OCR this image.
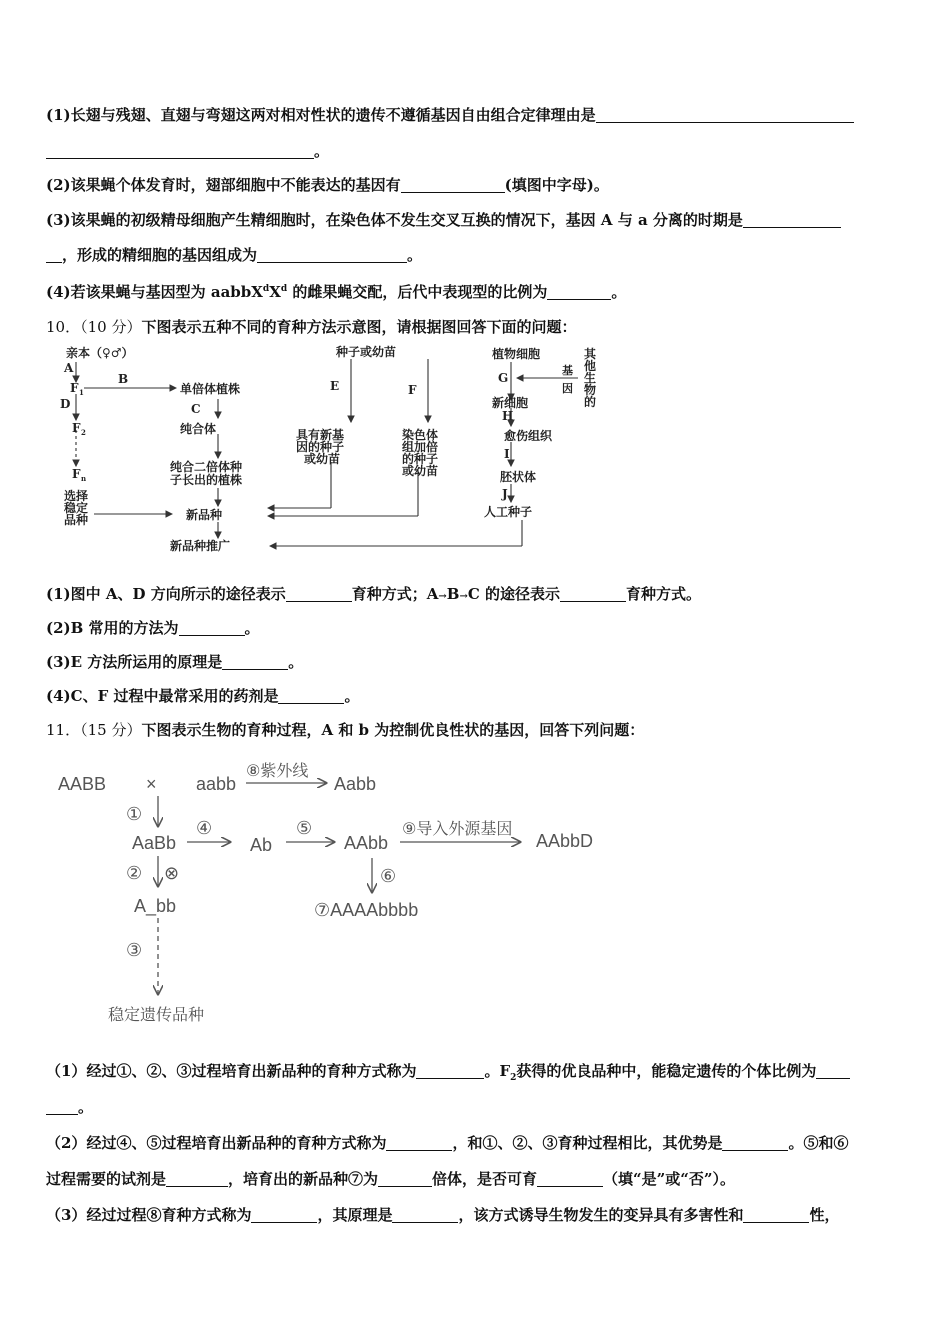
(1)长翅与残翅、直翅与弯翅这两对相对性状的遗传不遵循基因自由组合定律理由是
。
(2)该果蝇个体发育时，翅部细胞中不能表达的基因有	(填图中字母)。
(3)该果蝇的初级精母细胞产生精细胞时，在染色体不发生交叉互换的情况下，基因 A 与 a 分离的时期是
，形成的精细胞的基因组成为	。
(4)若该果蝇与基因型为 $aabbX^dX^d$ 的雌果蝇交配，后代中表现型的比例为	。
10．（10 分）下图表示五种不同的育种方法示意图，请根据图回答下面的问题：
亲本（♀♂）
A
F 1
B
D
F 2
F n
选择
稳定
品种
单倍体植株
C
纯合体
纯合二倍体种
子长出的植株
新品种
新品种推广
种子或幼苗
E	F
具有新基
因的种子
或幼苗
染色体
组加倍
的种子
或幼苗
植物细胞	其
他
生
物
的
基
因
G
新细胞
H
愈伤组织
I
胚状体
J
人工种子
(1)图中 A、D 方向所示的途径表示	育种方式；A→B→C 的途径表示	育种方式。
(2)B 常用的方法为	。
(3)E 方法所运用的原理是	。
(4)C、F 过程中最常采用的药剂是	。
11．（15 分）下图表示生物的育种过程，A 和 b 为控制优良性状的基因，回答下列问题：
AABB × aabb
⑧紫外线
Aabb
①
AaBb
④
Ab
⑤
AAbb
⑨导入外源基因
AAbbD
② ⊗	⑥
A_bb	⑦AAAAbbbb
③
稳定遗传品种
（1）经过①、②、③过程培育出新品种的育种方式称为	。$F_2$获得的优良品种中，能稳定遗传的个体比例为
。
（2）经过④、⑤过程培育出新品种的育种方式称为	，和①、②、③育种过程相比，其优势是	。⑤和⑥
过程需要的试剂是	，培育出的新品种⑦为	倍体，是否可育	（填“是”或“否”）。
（3）经过过程⑧育种方式称为	，其原理是	，该方式诱导生物发生的变异具有多害性和	性，
